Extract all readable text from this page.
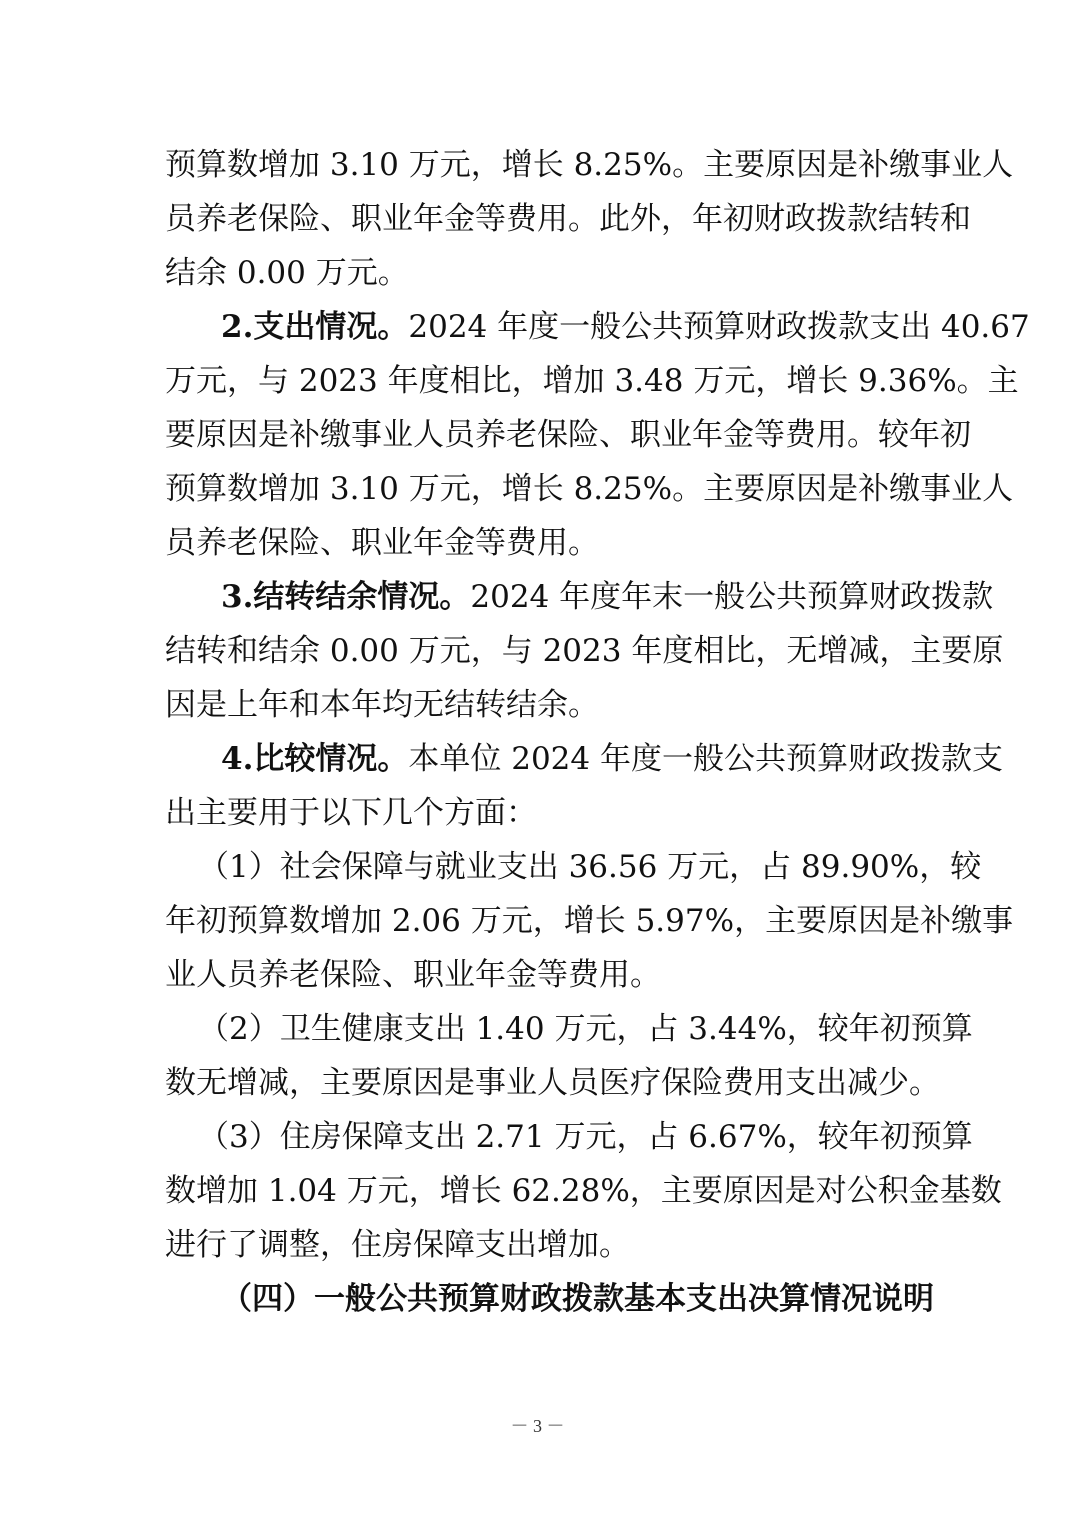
预算数增加 3.10 万元，增长 8.25%。主要原因是补缴事业人
员养老保险、职业年金等费用。此外，年初财政拨款结转和
结余 0.00 万元。
2.支出情况。2024 年度一般公共预算财政拨款支出 40.67
万元，与 2023 年度相比，增加 3.48 万元，增长 9.36%。主
要原因是补缴事业人员养老保险、职业年金等费用。较年初
预算数增加 3.10 万元，增长 8.25%。主要原因是补缴事业人
员养老保险、职业年金等费用。
3.结转结余情况。2024 年度年末一般公共预算财政拨款
结转和结余 0.00 万元，与 2023 年度相比，无增减，主要原
因是上年和本年均无结转结余。
4.比较情况。本单位 2024 年度一般公共预算财政拨款支
出主要用于以下几个方面：
（1）社会保障与就业支出 36.56 万元，占 89.90%，较
年初预算数增加 2.06 万元，增长 5.97%，主要原因是补缴事
业人员养老保险、职业年金等费用。
（2）卫生健康支出 1.40 万元，占 3.44%，较年初预算
数无增减，主要原因是事业人员医疗保险费用支出减少。
（3）住房保障支出 2.71 万元，占 6.67%，较年初预算
数增加 1.04 万元，增长 62.28%，主要原因是对公积金基数
进行了调整，住房保障支出增加。
（四）一般公共预算财政拨款基本支出决算情况说明
－ 3 －
